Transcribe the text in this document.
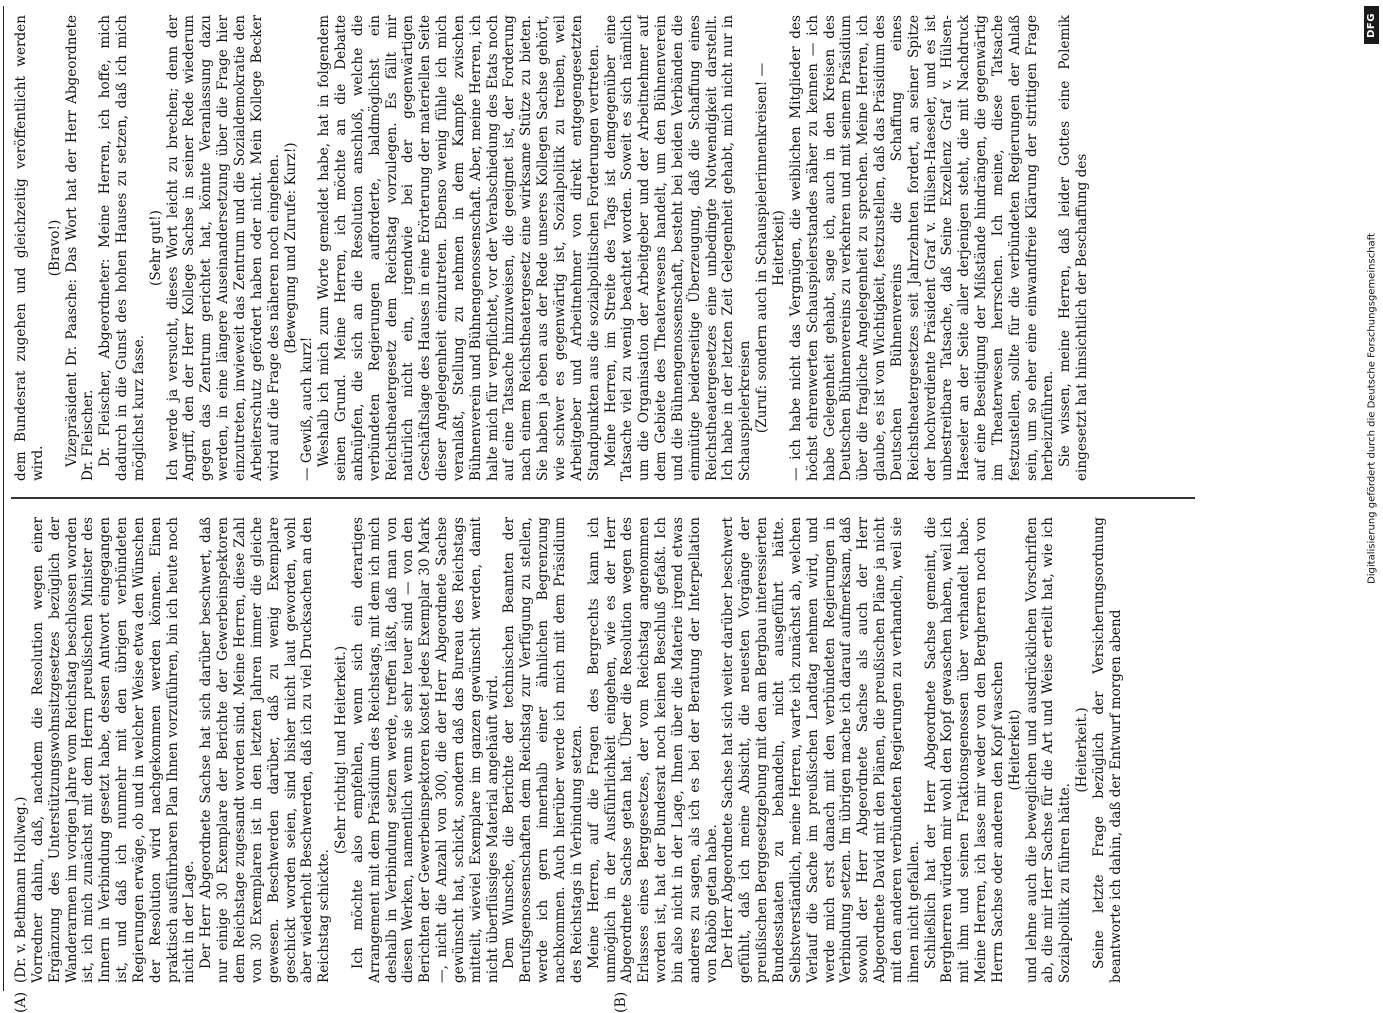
(A)	(B)

(Dr. v. Bethmann Hollweg.) Vorredner dahin, daß, nachdem die Resolution wegen einer Ergänzung des Unterstützungswohnsitzgesetzes bezüglich der Wanderarmen im vorigen Jahre vom Reichstag beschlossen worden ist, ich mich zunächst mit dem Herrn preußischen Minister des Innern in Verbindung gesetzt habe, dessen Antwort eingegangen ist, und daß ich nunmehr mit den übrigen verbündeten Regierungen erwäge, ob und in welcher Weise etwa den Wünschen der Resolution wird nachgekommen werden können. Einen praktisch ausführbaren Plan Ihnen vorzuführen, bin ich heute noch nicht in der Lage. Der Herr Abgeordnete Sachse hat sich darüber beschwert, daß nur einige 30 Exemplare der Berichte der Gewerbeinspektoren dem Reichstage zugesandt worden sind. Meine Herren, diese Zahl von 30 Exemplaren ist in den letzten Jahren immer die gleiche gewesen. Beschwerden darüber, daß zu wenig Exemplare geschickt worden seien, sind bisher nicht laut geworden, wohl aber wiederholt Beschwerden, daß ich zu viel Drucksachen an den Reichstag schickte.

(Sehr richtig! und Heiterkeit.) Ich möchte also empfehlen, wenn sich ein derartiges Arrangement mit dem Präsidium des Reichstags, mit dem ich mich deshalb in Verbindung setzen werde, treffen läßt, daß man von diesen Werken, namentlich wenn sie sehr teuer sind — von den Berichten der Gewerbeinspektoren kostet jedes Exemplar 30 Mark —, nicht die Anzahl von 300, die der Herr Abgeordnete Sachse gewünscht hat, schickt, sondern daß das Bureau des Reichstags mitteilt, wieviel Exemplare im ganzen gewünscht werden, damit nicht überflüssiges Material angehäuft wird. Dem Wunsche, die Berichte der technischen Beamten der Berufsgenossenschaften dem Reichstag zur Verfügung zu stellen, werde ich gern innerhalb einer ähnlichen Begrenzung nachkommen. Auch hierüber werde ich mich mit dem Präsidium des Reichstags in Verbindung setzen. Meine Herren, auf die Fragen des Bergrechts kann ich unmöglich in der Ausführlichkeit eingehen, wie es der Herr Abgeordnete Sachse getan hat. Über die Resolution wegen des Erlasses eines Berggesetzes, der vom Reichstag angenommen worden ist, hat der Bundesrat noch keinen Beschluß gefaßt. Ich bin also nicht in der Lage, Ihnen über die Materie irgend etwas anderes zu sagen, als ich es bei der Beratung der Interpellation von Raböb getan habe. Der Herr Abgeordnete Sachse hat sich weiter darüber beschwert gefühlt, daß ich meine Absicht, die neuesten Vorgänge der preußischen Berggesetzgebung mit den am Bergbau interessierten Bundesstaaten zu behandeln, nicht ausgeführt hätte. Selbstverständlich, meine Herren, warte ich zunächst ab, welchen Verlauf die Sache im preußischen Landtag nehmen wird, und werde mich erst danach mit den verbündeten Regierungen in Verbindung setzen. Im übrigen mache ich darauf aufmerksam, daß sowohl der Herr Abgeordnete Sachse als auch der Herr Abgeordnete David mit den Plänen, die preußischen Pläne ja nicht mit den anderen verbündeten Regierungen zu verhandeln, weil sie ihnen nicht gefallen. Schließlich hat der Herr Abgeordnete Sachse gemeint, die Bergherren würden mir wohl den Kopf gewaschen haben, weil ich mit ihm und seinen Fraktionsgenossen über verhandelt habe. Meine Herren, ich lasse mir weder von den Bergherren noch von Herrn Sachse oder anderen den Kopf waschen (Heiterkeit) und lehne auch die beweglichen und ausdrücklichen Vorschriften ab, die mir Herr Sachse für die Art und Weise erteilt hat, wie ich Sozialpolitik zu führen hätte.

(Heiterkeit.) Seine letzte Frage bezüglich der Versicherungsordnung beantworte ich dahin, daß der Entwurf morgen abend

dem Bundesrat zugehen und gleichzeitig veröffentlicht werden wird.

(Bravo!) Vizepräsident Dr. Paasche: Das Wort hat der Herr Abgeordnete Dr. Fleischer. Dr. Fleischer, Abgeordneter: Meine Herren, ich hoffe, mich dadurch in die Gunst des hohen Hauses zu setzen, daß ich mich möglichst kurz fasse.

(Sehr gut!) Ich werde ja versucht, dieses Wort leicht zu brechen; denn der Angriff, den der Herr Kollege Sachse in seiner Rede wiederum gegen das Zentrum gerichtet hat, könnte Veranlassung dazu werden, in eine längere Auseinandersetzung über die Frage hier einzutreten, inwieweit das Zentrum und die Sozialdemokratie den Arbeiterschutz gefördert haben oder nicht. Mein Kollege Becker wird auf die Frage des näheren noch eingehen. (Bewegung und Zurufe: Kurz!)

— Gewiß, auch kurz! Weshalb ich mich zum Worte gemeldet habe, hat in folgendem seinen Grund. Meine Herren, ich möchte an die Debatte anknüpfen, die sich an die Resolution anschloß, welche die verbündeten Regierungen aufforderte, baldmöglichst ein Reichstheatergesetz dem Reichstag vorzulegen. Es fällt mir natürlich nicht ein, irgendwie bei der gegenwärtigen Geschäftslage des Hauses in eine Erörterung der materiellen Seite dieser Angelegenheit einzutreten. Ebenso wenig fühle ich mich veranlaßt, Stellung zu nehmen in dem Kampfe zwischen Bühnenverein und Bühnengenossenschaft. Aber, meine Herren, ich halte mich für verpflichtet, vor der Verabschiedung des Etats noch auf eine Tatsache hinzuweisen, die geeignet ist, der Forderung nach einem Reichstheatergesetz eine wirksame Stütze zu bieten. Sie haben ja eben aus der Rede unseres Kollegen Sachse gehört, wie schwer es gegenwärtig ist, Sozialpolitik zu treiben, weil Arbeitgeber und Arbeitnehmer von direkt entgegengesetzten Standpunkten aus die sozialpolitischen Forderungen vertreten. Meine Herren, im Streite des Tags ist demgegenüber eine Tatsache viel zu wenig beachtet worden. Soweit es sich nämlich um die Organisation der Arbeitgeber und der Arbeitnehmer auf dem Gebiete des Theaterwesens handelt, um den Bühnenverein und die Bühnengenossenschaft, besteht bei beiden Verbänden die einmütige beiderseitige Überzeugung, daß die Schaffung eines Reichstheatergesetzes eine unbedingte Notwendigkeit darstellt. Ich habe in der letzten Zeit Gelegenheit gehabt, mich nicht nur in Schauspielerkreisen (Zuruf: sondern auch in Schauspielerinnenkreisen! — Heiterkeit) — ich habe nicht das Vergnügen, die weiblichen Mitglieder des höchst ehrenwerten Schauspielerstandes näher zu kennen — ich habe Gelegenheit gehabt, sage ich, auch in den Kreisen des Deutschen Bühnenvereins zu verkehren und mit seinem Präsidium über die fragliche Angelegenheit zu sprechen. Meine Herren, ich glaube, es ist von Wichtigkeit, festzustellen, daß das Präsidium des Deutschen Bühnenvereins die Schaffung eines Reichstheatergesetzes seit Jahrzehnten fordert, an seiner Spitze der hochverdiente Präsident Graf v. Hülsen-Haeseler, und es ist unbestreitbare Tatsache, daß Seine Exzellenz Graf v. Hülsen-Haeseler an der Seite aller derjenigen steht, die mit Nachdruck auf eine Beseitigung der Mißstände hindrängen, die gegenwärtig im Theaterwesen herrschen. Ich meine, diese Tatsache festzustellen, sollte für die verbündeten Regierungen der Anlaß sein, um so eher eine einwandfreie Klärung der strittigen Frage herbeizuführen. Sie wissen, meine Herren, daß leider Gottes eine Polemik eingesetzt hat hinsichtlich der Beschaffung des

DFG
Digitalisierung gefördert durch die Deutsche Forschungsgemeinschaft
